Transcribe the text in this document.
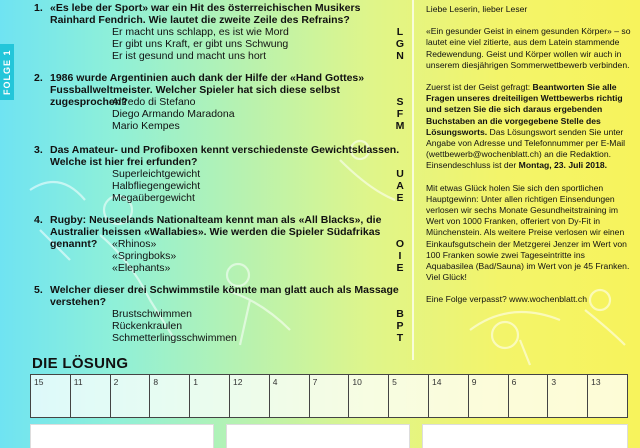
FOLGE 1
1. «Es lebe der Sport» war ein Hit des österreichischen Musikers Rainhard Fendrich. Wie lautet die zweite Zeile des Refrains?
Er macht uns schlapp, es ist wie Mord	L
Er gibt uns Kraft, er gibt uns Schwung	G
Er ist gesund und macht uns hort	N
2. 1986 wurde Argentinien auch dank der Hilfe der «Hand Gottes» Fussballweltmeister. Welcher Spieler hat sich diese selbst zugesprochen?
Alfredo di Stefano	S
Diego Armando Maradona	F
Mario Kempes	M
3. Das Amateur- und Profiboxen kennt verschiedenste Gewichtsklassen. Welche ist hier frei erfunden?
Superleichtgewicht	U
Halbfliegengewicht	A
Megaübergewicht	E
4. Rugby: Neuseelands Nationalteam kennt man als «All Blacks», die Australier heissen «Wallabies». Wie werden die Spieler Südafrikas genannt?	«Rhinos»	O
«Springboks»	I
«Elephants»	E
5. Welcher dieser drei Schwimmstile könnte man glatt auch als Massage verstehen?
Brustschwimmen	B
Rückenkraulen	P
Schmetterlingsschwimmen	T

Liebe Leserin, lieber Leser

«Ein gesunder Geist in einem gesunden Körper» – so lautet eine viel zitierte, aus dem Latein stammende Redewendung. Geist und Körper wollen wir auch in unserem diesjährigen Sommerwettbewerb verbinden.

Zuerst ist der Geist gefragt: Beantworten Sie alle Fragen unseres dreiteiligen Wettbewerbs richtig und setzen Sie die sich daraus ergebenden Buchstaben an die vorgegebene Stelle des Lösungsworts. Das Lösungswort senden Sie unter Angabe von Adresse und Telefonnummer per E-Mail (wettbewerb@wochenblatt.ch) an die Redaktion. Einsendeschluss ist der Montag, 23. Juli 2018.

Mit etwas Glück holen Sie sich den sportlichen Hauptgewinn: Unter allen richtigen Einsendungen verlosen wir sechs Monate Gesundheitstraining im Wert von 1000 Franken, offeriert von Dy-Fit in Münchenstein. Als weitere Preise verlosen wir einen Einkaufsgutschein der Metzgerei Jenzer im Wert von 100 Franken sowie zwei Tageseintritte ins Aquabasilea (Bad/Sauna) im Wert von je 45 Franken. Viel Glück!

Eine Folge verpasst? www.wochenblatt.ch

DIE LÖSUNG
15	11	2	8	1	12	4	7	10	5	14	9	6	3	13
